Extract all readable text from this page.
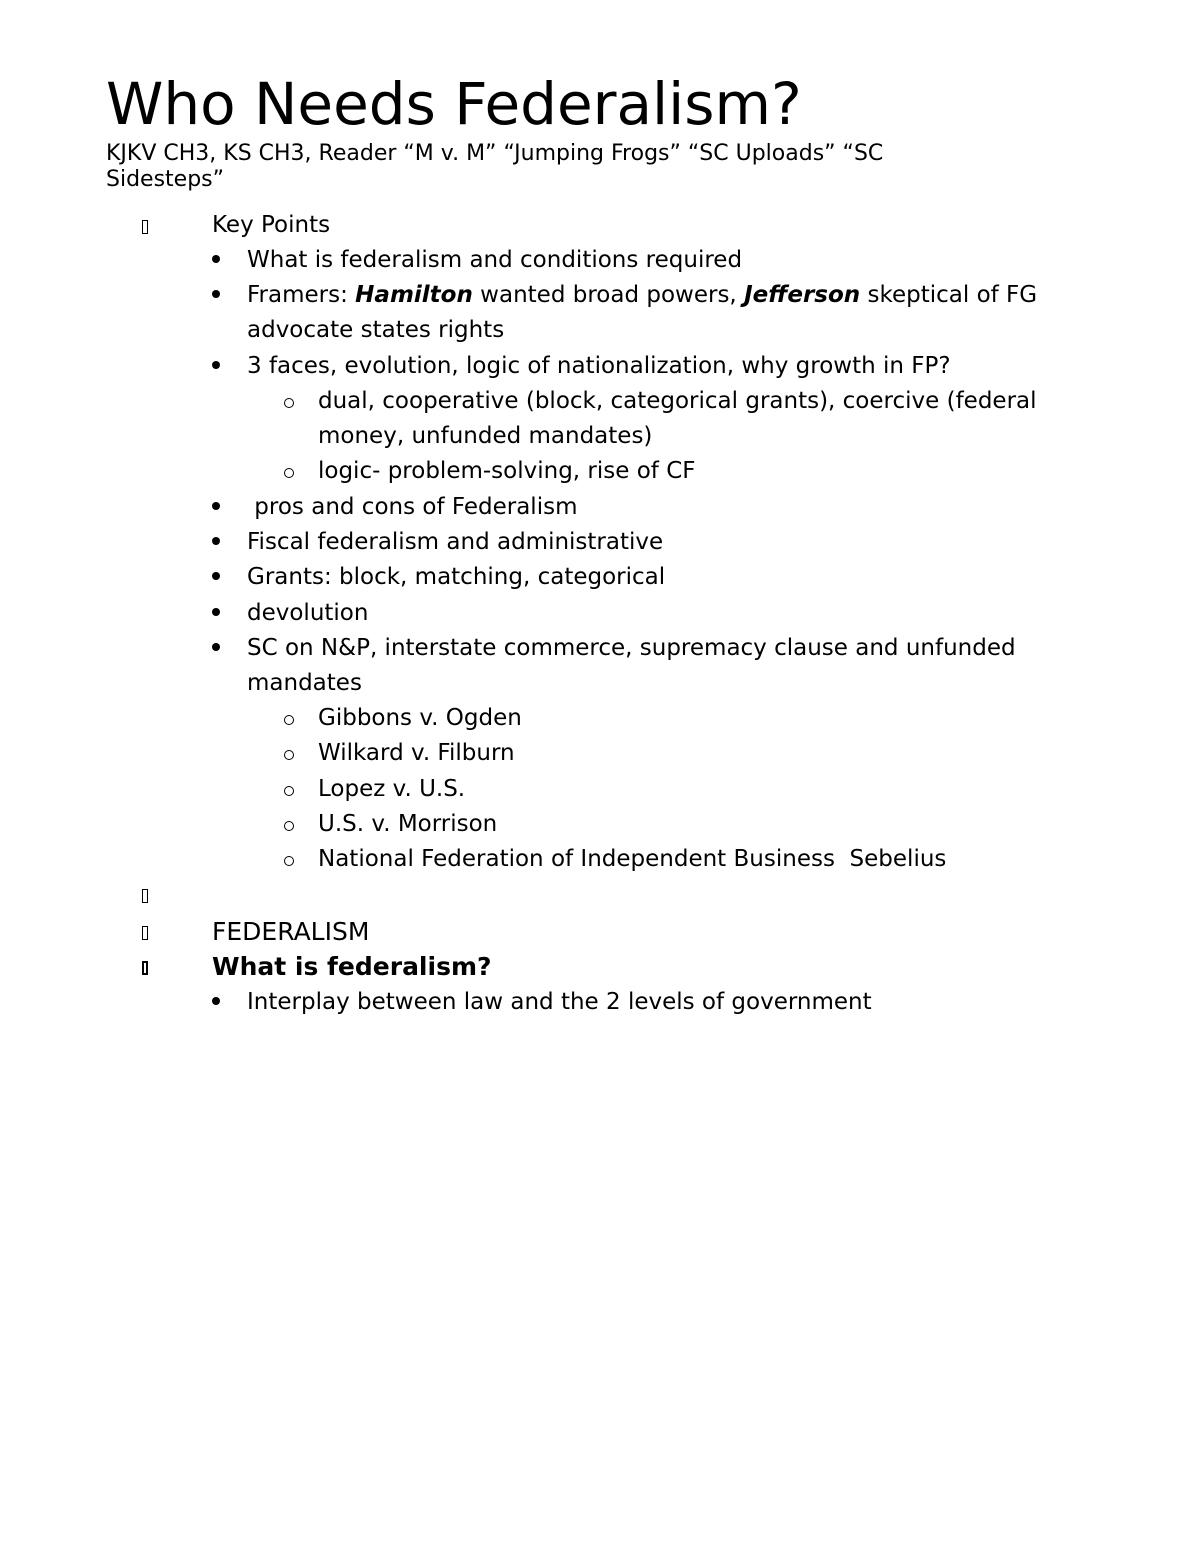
Who Needs Federalism?

KJKV CH3, KS CH3, Reader “M v. M” “Jumping Frogs” “SC Uploads” “SC Sidesteps”

Key Points
What is federalism and conditions required
Framers: Hamilton wanted broad powers, Jefferson skeptical of FG
advocate states rights
3 faces, evolution, logic of nationalization, why growth in FP?
dual, cooperative (block, categorical grants), coercive (federal
money, unfunded mandates)
logic- problem-solving, rise of CF
pros and cons of Federalism
Fiscal federalism and administrative
Grants: block, matching, categorical
devolution
SC on N&P, interstate commerce, supremacy clause and unfunded
mandates
Gibbons v. Ogden
Wilkard v. Filburn
Lopez v. U.S.
U.S. v. Morrison
National Federation of Independent Business  Sebelius
FEDERALISM
What is federalism?
Interplay between law and the 2 levels of government
